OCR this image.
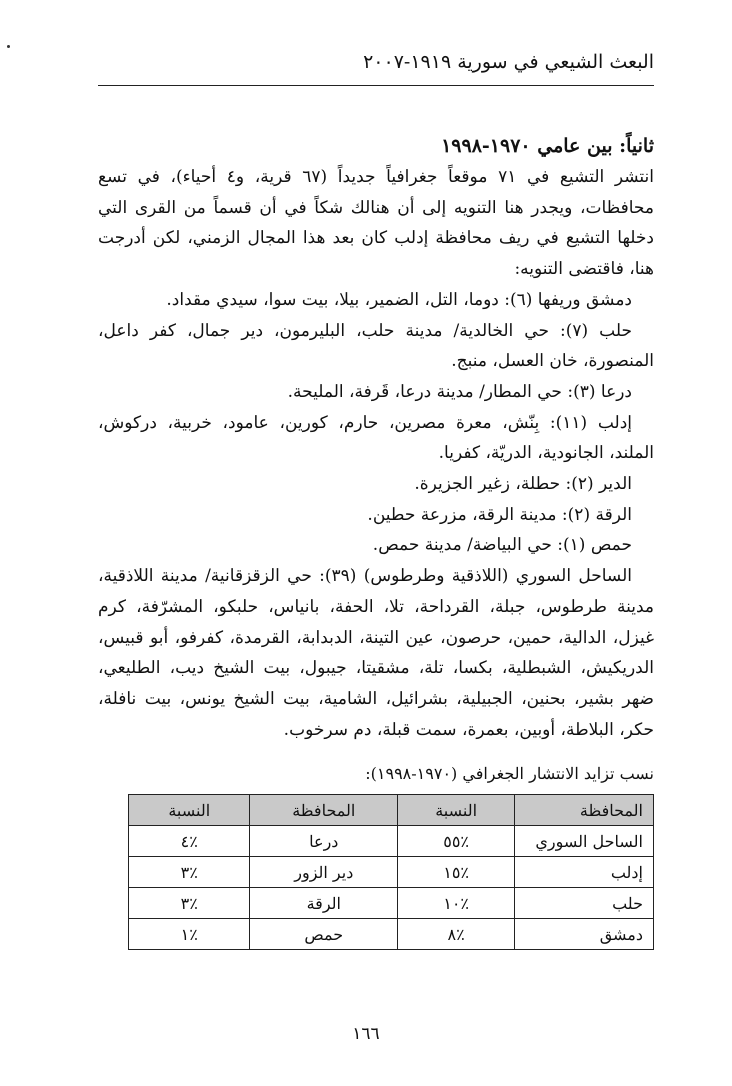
البعث الشيعي في سورية ١٩١٩-٢٠٠٧
ثانياً: بين عامي ١٩٧٠-١٩٩٨

انتشر التشيع في ٧١ موقعاً جغرافياً جديداً (٦٧ قرية، و٤ أحياء)، في تسع محافظات، ويجدر هنا التنويه إلى أن هنالك شكاً في أن قسماً من القرى التي دخلها التشيع في ريف محافظة إدلب كان بعد هذا المجال الزمني، لكن أدرجت هنا، فاقتضى التنويه:

دمشق وريفها (٦): دوما، التل، الضمير، بيلا، بيت سوا، سيدي مقداد.

حلب (٧): حي الخالدية/ مدينة حلب، البليرمون، دير جمال، كفر داعل، المنصورة، خان العسل، منبج.

درعا (٣): حي المطار/ مدينة درعا، قَرفة، المليحة.

إدلب (١١): بِنّش، معرة مصرين، حارم، كورين، عامود، خربية، دركوش، الملند، الجانودية، الدريّة، كفريا.

الدير (٢): حطلة، زغير الجزيرة.

الرقة (٢): مدينة الرقة، مزرعة حطين.

حمص (١): حي البياضة/ مدينة حمص.

الساحل السوري (اللاذقية وطرطوس) (٣٩): حي الزقزقانية/ مدينة اللاذقية، مدينة طرطوس، جبلة، القرداحة، تلا، الحفة، بانياس، حلبكو، المشرّفة، كرم غيزل، الدالية، حمين، حرصون، عين التينة، الدبدابة، القرمدة، كفرفو، أبو قبيس، الدريكيش، الشبطلية، بكسا، تلة، مشقيتا، جيبول، بيت الشيخ ديب، الطليعي، ضهر بشير، بحنين، الجبيلية، بشرائيل، الشامية، بيت الشيخ يونس، بيت نافلة، حكر، البلاطة، أوبين، بعمرة، سمت قبلة، دم سرخوب.

نسب تزايد الانتشار الجغرافي (١٩٧٠-١٩٩٨):
المحافظة	النسبة	المحافظة	النسبة
الساحل السوري	٪٥٥	درعا	٪٤
إدلب	٪١٥	دير الزور	٪٣
حلب	٪١٠	الرقة	٪٣
دمشق	٪٨	حمص	٪١
١٦٦
